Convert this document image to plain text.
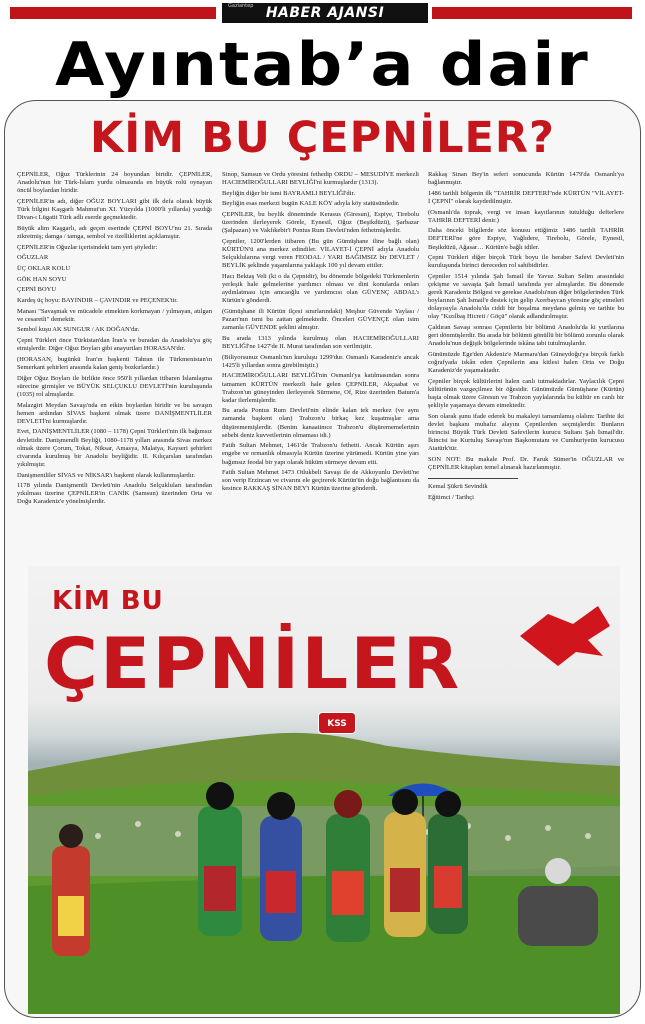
HABER AJANSI
Gaziantep
Ayıntab’a dair
KİM BU ÇEPNİLER?

ÇEPNİLER, Oğuz Türklerinin 24 boyundan biridir. ÇEPNİLER, Anadolu'nun bir Türk-İslam yurdu olmasında en büyük rolü oynayan öncül boylardan biridir.

ÇEPNİLER'in adı, diğer OĞUZ BOYLARI gibi ilk defa olarak büyük Türk bilgini Kaşgarlı Mahmut'un XI. Yüzyılda (1000'li yıllarda) yazdığı Divan-ı Lügatit Türk adlı eserde geçmektedir.

Büyük alim Kaşgarlı, adı geçen eserinde ÇEPNİ BOYU'nu 21. Sırada zikretmiş; damga / tamga, sembol ve özelliklerini açıklamıştır.

ÇEPNİLER'in Oğuzlar içerisindeki tam yeri şöyledir:

OĞUZLAR

ÜÇ OKLAR KOLU

GÖK HAN SOYU

ÇEPNİ BOYU

Kardeş üç boyu: BAYINDIR – ÇAVINDIR ve PEÇENEK'tir.

Manası "Savaşmak ve mücadele etmekten korkmayan / yılmayan, atılgan ve cesaretli" demektir.

Sembol kuşu AK SUNGUR / AK DOĞAN'dır.

Çepni Türkleri önce Türkistan'dan İran'a ve buradan da Anadolu'ya göç etmişlerdir. Diğer Oğuz Boyları gibi anayurtları HORASAN'dır.

(HORASAN, bugünkü İran'ın başkenti Tahran ile Türkmenistan'ın Semerkant şehirleri arasında kalan geniş bozkırlardır.)

Diğer Oğuz Boyları ile birlikte önce 950'li yıllardan itibaren İslamlaşma sürecine girmişler ve BÜYÜK SELÇUKLU DEVLETİ'nin kuruluşunda (1035) rol almışlardır.

Malazgirt Meydan Savaşı'nda en etkin boylardan biridir ve bu savaşın hemen ardından SİVAS başkent olmak üzere DANİŞMENTLİLER DEVLETİ'ni kurmuşlardır.

Evet, DANİŞMENTLİLER (1080 – 1178) Çepni Türkleri'nin ilk bağımsız devletidir. Danişmendli Beyliği, 1080–1178 yılları arasında Sivas merkez olmak üzere Çorum, Tokat, Niksar, Amasya, Malatya, Kayseri şehirleri civarında kurulmuş bir Anadolu beyliğidir. II. Kılıçarslan tarafından yıkılmıştır.

Danişmentliler SİVAS ve NİKSAR'ı başkent olarak kullanmışlardır.

1178 yılında Danişmentli Devleti'nin Anadolu Selçukluları tarafından yıkılması üzerine ÇEPNİLER'in CANİK (Samsun) üzerinden Orta ve Doğu Karadeniz'e yönelmişlerdir.

Sinop, Samsun ve Ordu yöresini fethedip ORDU – MESUDİYE merkezli HACIEMİROĞULLARI BEYLİĞİ'ni kurmuşlardır (1313).

Beyliğin diğer bir ismi BAYRAMLI BEYLİĞİ'dir.

Beyliğin esas merkezi bugün KALE KÖY adıyla köy statüsündedir.

ÇEPNİLER, bu beylik döneminde Kerasus (Giresun), Espiye, Tirebolu üzerinden ilerleyerek Görele, Eynesil, Oğuz (Beşikdüzü), Şarbazar (Şalpazarı) ve Vakfıkebir'i Pontus Rum Devleti'nden fethetmişlerdir.

Çepniler, 1200'lerden itibaren (Bu gün Gümüşhane iline bağlı olan) KÜRTÜN'ü ana merkez edindiler. VİLAYET-İ ÇEPNİ adıyla Anadolu Selçuklularına vergi veren FEODAL / YARI BAĞIMSIZ bir DEVLET / BEYLİK şeklinde yaşamlarına yaklaşık 100 yıl devam ettiler.

Hacı Bektaş Veli (ki o da Çepnidir), bu dönemde bölgedeki Türkmenlerin yerleşik hale gelmelerine yardımcı olması ve dini konularda onları aydınlatması için amcaoğlu ve yardımcısı olan GÜVENÇ ABDAL'ı Kürtün'e gönderdi.

(Gümüşhane ili Kürtün ilçesi sınırlarındaki) Meşhur Güvende Yaylası / Pazarı'nın ismi bu zattan gelmektedir. Önceleri GÜVENÇE olan isim zamanla GÜVENDE şeklini almıştır.

Bu arada 1313 yılında kurulmuş olan HACIEMİROĞULLARI BEYLİĞİ'ne 1427'de II. Murat tarafından son verilmiştir.

(Biliyorsunuz Osmanlı'nın kuruluşu 1299'dur. Osmanlı Karadeniz'e ancak 1425'li yıllardan sonra girebilmiştir.)

HACIEMİROĞULLARI BEYLİĞİ'nin Osmanlı'ya katılmasından sonra tamamen KÜRTÜN merkezli hale gelen ÇEPNİLER, Akçaabat ve Trabzon'un güneyinden ilerleyerek Sürmene, Of, Rize üzerinden Batum'a kadar ilerlemişlerdir.

Bu arada Pontus Rum Devleti'nin elinde kalan tek merkez (ve aynı zamanda başkent olan) Trabzon'u birkaç kez kuşatmışlar ama düşürememişlerdir. (Benim kanaatimce Trabzon'u düşürememelerinin sebebi deniz kuvvetlerinin olmaması idi.)

Fatih Sultan Mehmet, 1461'de Trabzon'u fethetti. Ancak Kürtün aşırı engebe ve ormanlık olmasıyla Kürtün üzerine yürümedi. Kürtün yine yarı bağımsız feodal bir yapı olarak hüküm sürmeye devam etti.

Fatih Sultan Mehmet 1473 Otlukbeli Savaşı ile de Akkoyunlu Devleti'ne son verip Erzincan ve civarını ele geçirerek Kürtün'ün doğu bağlantısını da kesince RAKKAŞ SİNAN BEY'i Kürtün üzerine gönderdi.

Rakkaş Sinan Bey'in seferi sonucunda Kürtün 1479'da Osmanlı'ya bağlanmıştır.

1486 tarihli bölgenin ilk "TAHRİR DEFTERİ"nde KÜRTÜN "VİLAYET-İ ÇEPNİ" olarak kaydedilmiştir.

(Osmanlı'da toprak, vergi ve insan kayıtlarının tutulduğu defterlere TAHRİR DEFTERİ denir.)

Daha önceki bilgilerde söz konusu ettiğimiz 1486 tarihli TAHRİR DEFTERİ'ne göre Espiye, Yağlıdere, Tirebolu, Görele, Eynesil, Beşikdüzü, Ağasar… Kürtün'e bağlı idiler.

Çepni Türkleri diğer birçok Türk boyu ile beraber Safevi Devleti'nin kuruluşunda birinci dereceden rol sahibidirler.

Çepniler 1514 yılında Şah İsmail ile Yavuz Sultan Selim arasındaki çekişme ve savaşta Şah İsmail tarafında yer almışlardır. Bu dönemde gerek Karadeniz Bölgesi ve gerekse Anadolu'nun diğer bölgelerinden Türk boylarının Şah İsmail'e destek için gelip Azerbaycan yöresine göç etmeleri dolayısıyla Anadolu'da ciddi bir boşalma meydana gelmiş ve tarihte bu olay "Kızılbaş Hicreti / Göçü" olarak adlandırılmıştır.

Çaldıran Savaşı sonrası Çepnilerin bir bölümü Anadolu'da ki yurtlarına geri dönmüşlerdir. Bu arada bir bölümü gönüllü bir bölümü zorunlu olarak Anadolu'nun değişik bölgelerinde iskâna tabi tutulmuşlardır.

Günümüzde Ege'den Akdeniz'e Marmara'dan Güneydoğu'ya birçok farklı coğrafyada iskân eden Çepnilerin ana kitlesi halen Orta ve Doğu Karadeniz'de yaşamaktadır.

Çepniler birçok kültürlerini halen canlı tutmaktadırlar. Yaylacılık Çepni kültürünün vazgeçilmez bir öğesidir. Günümüzde Gümüşhane (Kürtün) başta olmak üzere Giresun ve Trabzon yaylalarında bu kültür en canlı bir şekliyle yaşamaya devam etmektedir.

Son olarak şunu ifade ederek bu makaleyi tamamlamış olalım: Tarihte iki devlet başkanı muhafız alayını Çepnilerden seçmişlerdir. Bunların birincisi Büyük Türk Devleti Safevilerin kurucu Sultanı Şah İsmail'dir. İkincisi ise Kurtuluş Savaşı'nın Başkomutanı ve Cumhuriyetin kurucusu Atatürk'tür.

SON NOT: Bu makale Prof. Dr. Faruk Sümer'in OĞUZLAR ve ÇEPNİLER kitapları temel alınarak hazırlanmıştır.

Kemal Şükrü Sevindik

Eğitimci / Tarihçi

KİM BU
ÇEPNİLER
KSS
